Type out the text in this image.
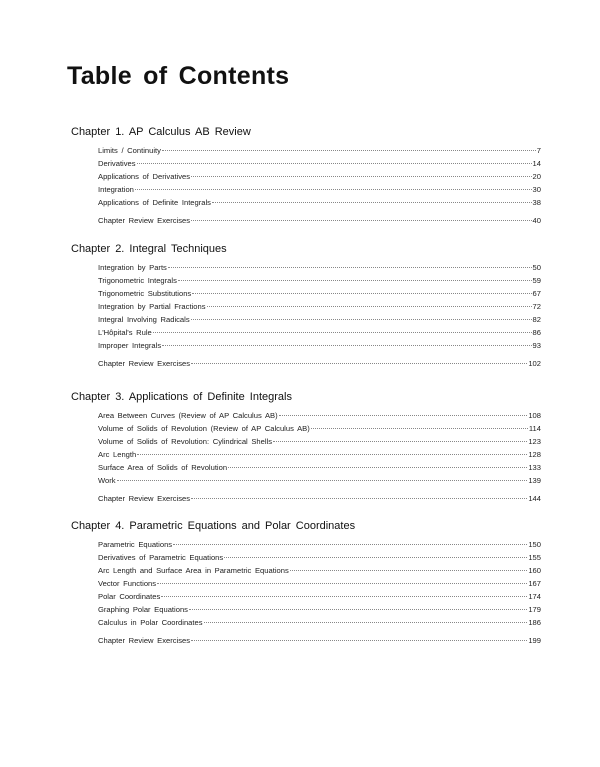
Table of Contents
Chapter 1. AP Calculus AB Review
Limits / Continuity	7
Derivatives	14
Applications of Derivatives	20
Integration	30
Applications of Definite Integrals	38
Chapter Review Exercises	40
Chapter 2. Integral Techniques
Integration by Parts	50
Trigonometric Integrals	59
Trigonometric Substitutions	67
Integration by Partial Fractions	72
Integral Involving Radicals	82
L'Hôpital's Rule	86
Improper Integrals	93
Chapter Review Exercises	102
Chapter 3. Applications of Definite Integrals
Area Between Curves (Review of AP Calculus AB)	108
Volume of Solids of Revolution (Review of AP Calculus AB)	114
Volume of Solids of Revolution: Cylindrical Shells	123
Arc Length	128
Surface Area of Solids of Revolution	133
Work	139
Chapter Review Exercises	144
Chapter 4. Parametric Equations and Polar Coordinates
Parametric Equations	150
Derivatives of Parametric Equations	155
Arc Length and Surface Area in Parametric Equations	160
Vector Functions	167
Polar Coordinates	174
Graphing Polar Equations	179
Calculus in Polar Coordinates	186
Chapter Review Exercises	199
